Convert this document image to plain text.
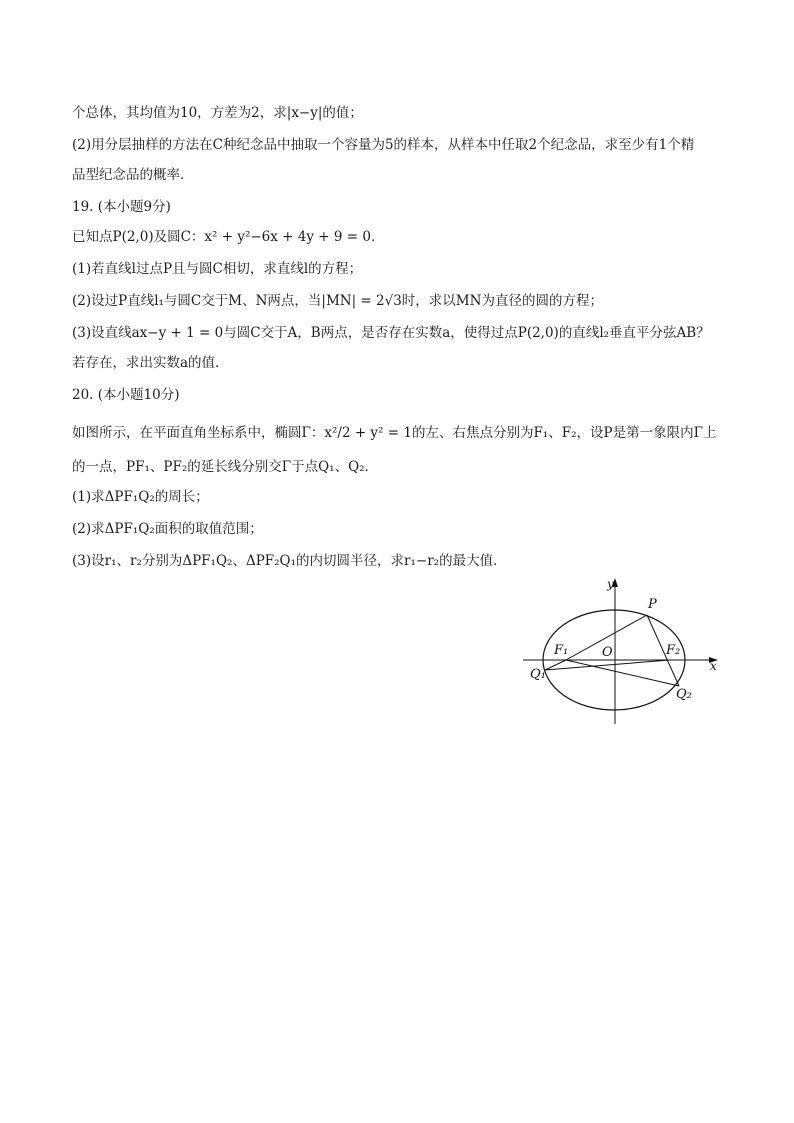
个总体，其均值为10，方差为2，求|x−y|的值；
(2)用分层抽样的方法在C种纪念品中抽取一个容量为5的样本，从样本中任取2个纪念品，求至少有1个精
品型纪念品的概率．
19. (本小题9分)
已知点P(2,0)及圆C：x² + y²−6x + 4y + 9 = 0．
(1)若直线l过点P且与圆C相切，求直线l的方程；
(2)设过P直线l₁与圆C交于M、N两点，当|MN| = 2√3时，求以MN为直径的圆的方程；
(3)设直线ax−y + 1 = 0与圆C交于A，B两点，是否存在实数a，使得过点P(2,0)的直线l₂垂直平分弦AB？
若存在，求出实数a的值．
20. (本小题10分)
如图所示，在平面直角坐标系中，椭圆Γ：x²/2 + y² = 1的左、右焦点分别为F₁、F₂，设P是第一象限内Γ上
的一点，PF₁、PF₂的延长线分别交Γ于点Q₁、Q₂．
(1)求ΔPF₁Q₂的周长；
(2)求ΔPF₁Q₂面积的取值范围；
(3)设r₁、r₂分别为ΔPF₁Q₂、ΔPF₂Q₁的内切圆半径，求r₁−r₂的最大值．
y
x
O
P
F₁	F₂
Q₁
Q₂
